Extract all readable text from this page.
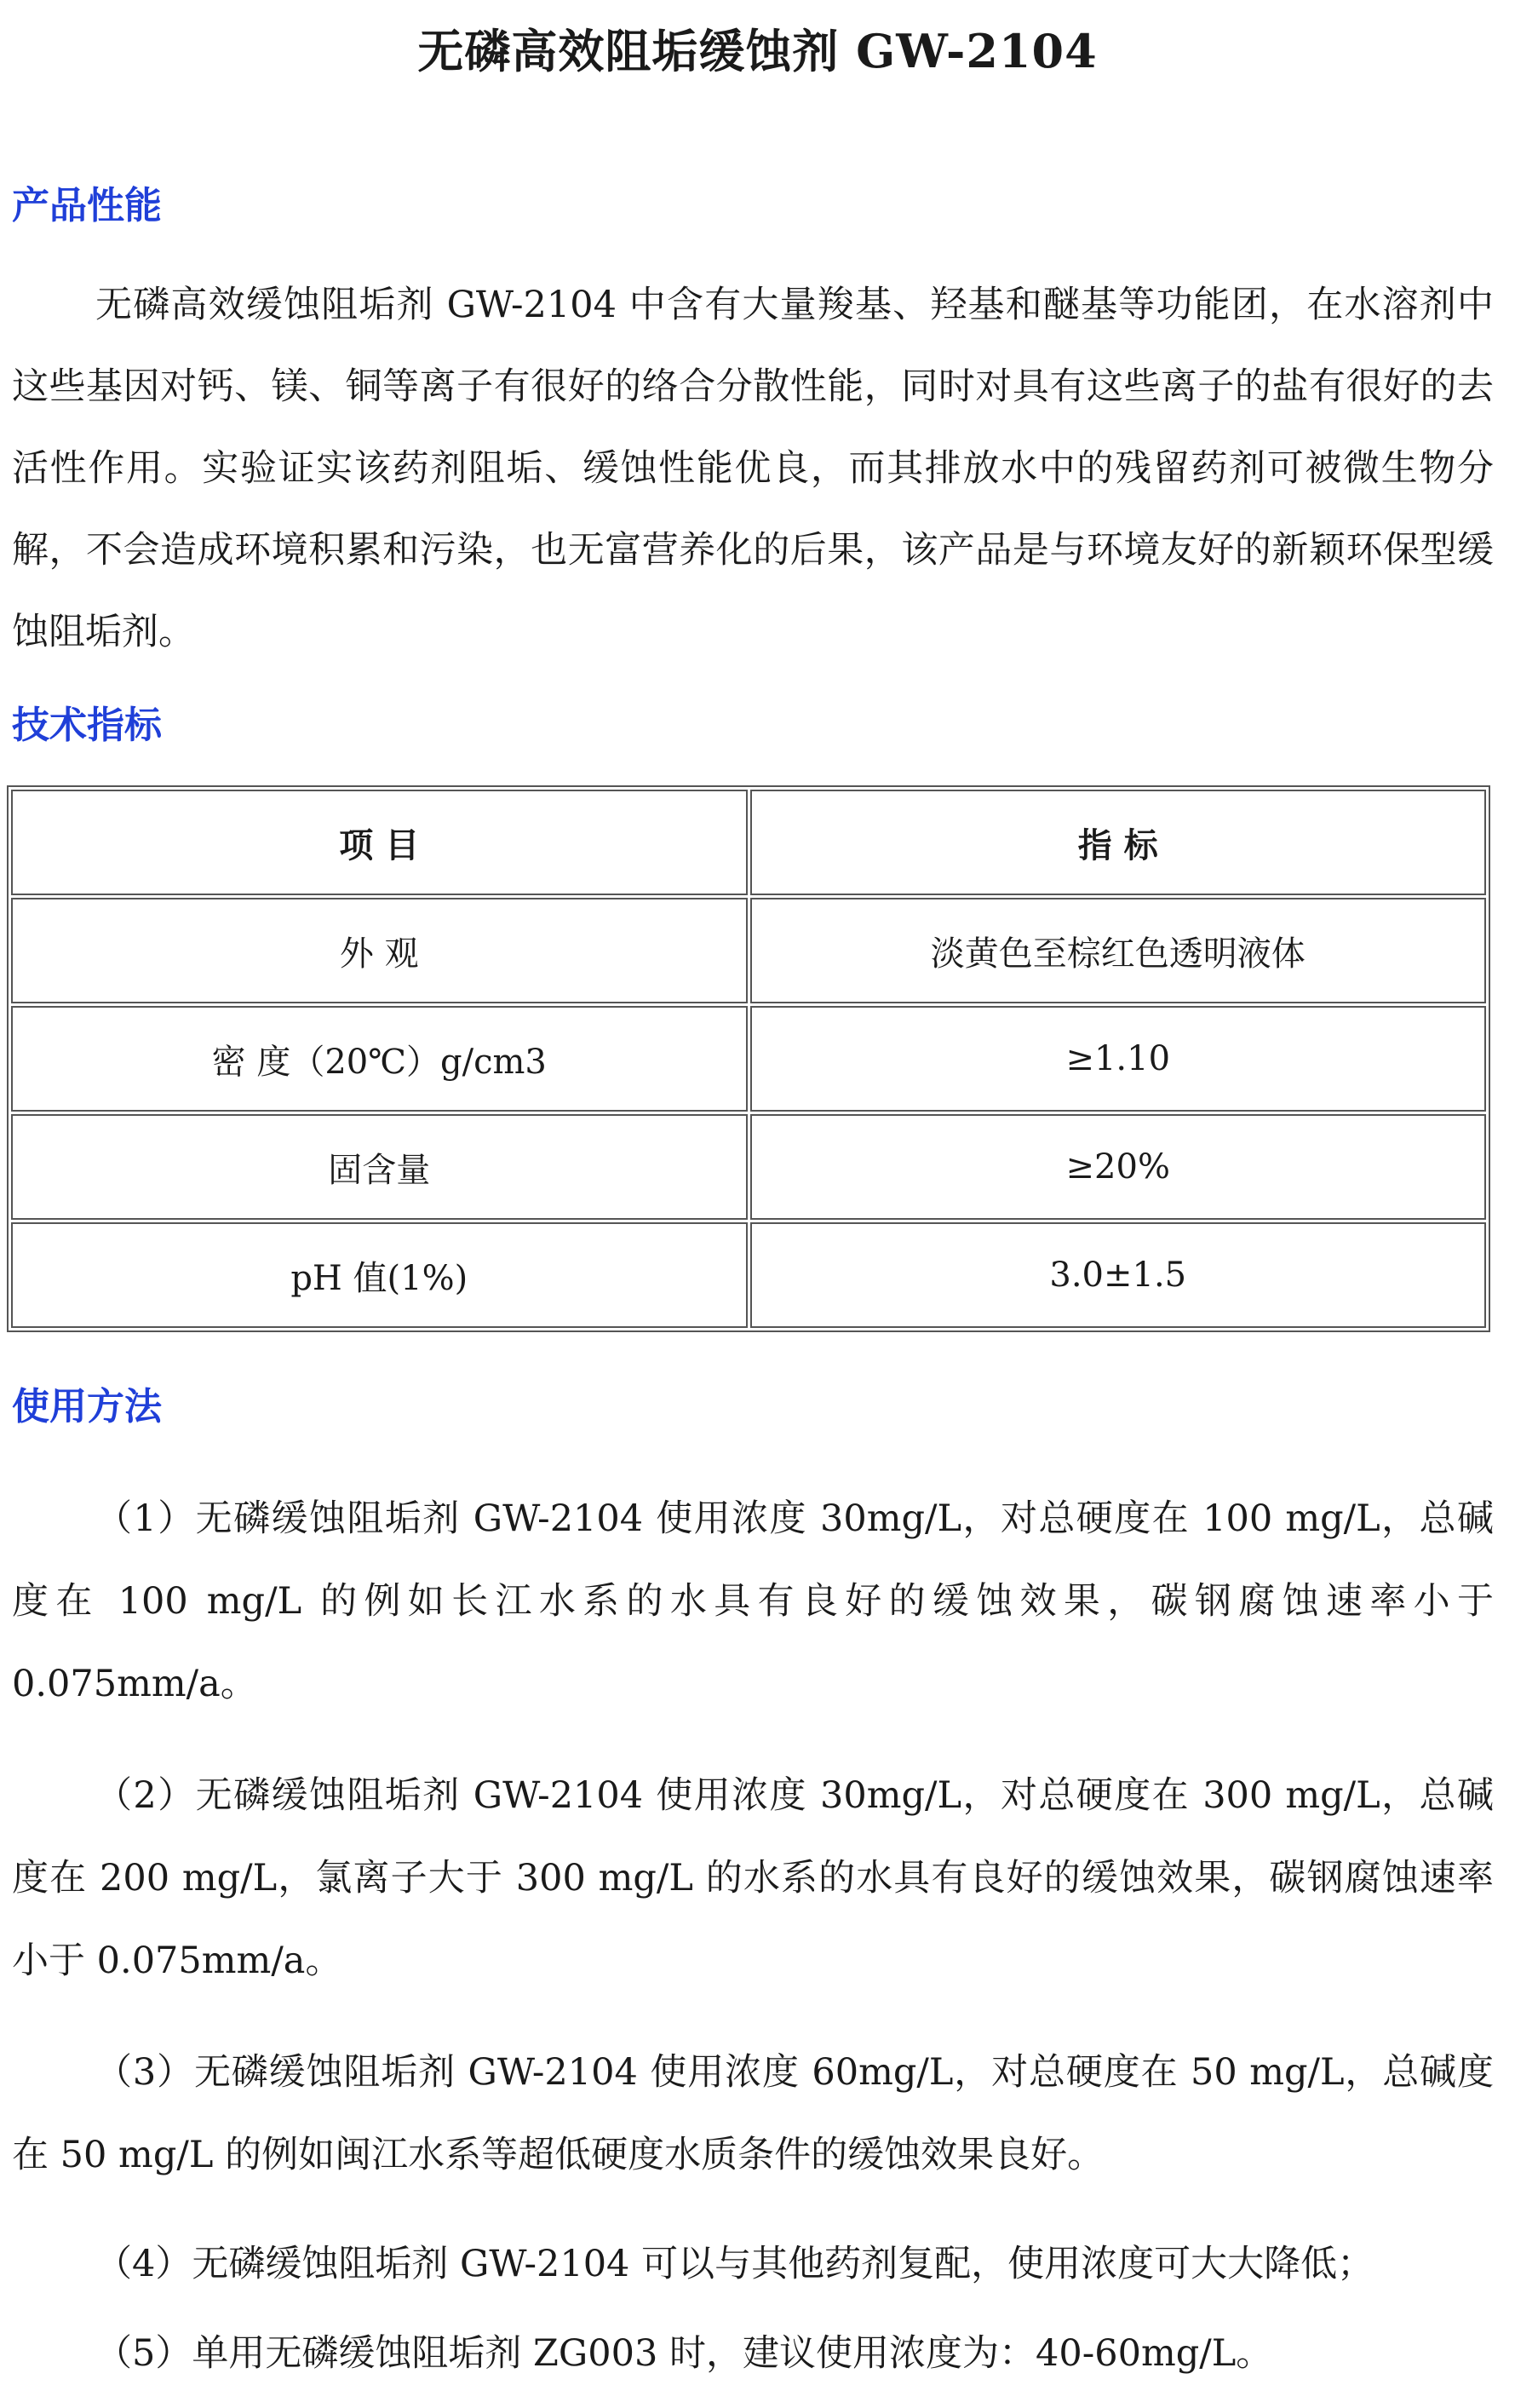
无磷高效阻垢缓蚀剂 GW-2104
产品性能
无磷高效缓蚀阻垢剂 GW-2104 中含有大量羧基、羟基和醚基等功能团，在水溶剂中这些基因对钙、镁、铜等离子有很好的络合分散性能，同时对具有这些离子的盐有很好的去活性作用。实验证实该药剂阻垢、缓蚀性能优良，而其排放水中的残留药剂可被微生物分解，不会造成环境积累和污染，也无富营养化的后果，该产品是与环境友好的新颖环保型缓蚀阻垢剂。
技术指标
项 目	指 标
外 观	淡黄色至棕红色透明液体
密 度（20℃）g/cm3	≥1.10
固含量	≥20%
pH 值(1%)	3.0±1.5
使用方法
（1）无磷缓蚀阻垢剂 GW-2104 使用浓度 30mg/L，对总硬度在 100 mg/L，总碱度在 100 mg/L 的例如长江水系的水具有良好的缓蚀效果，碳钢腐蚀速率小于 0.075mm/a。
（2）无磷缓蚀阻垢剂 GW-2104 使用浓度 30mg/L，对总硬度在 300 mg/L，总碱度在 200 mg/L，氯离子大于 300 mg/L 的水系的水具有良好的缓蚀效果，碳钢腐蚀速率小于 0.075mm/a。
（3）无磷缓蚀阻垢剂 GW-2104 使用浓度 60mg/L，对总硬度在 50 mg/L，总碱度在 50 mg/L 的例如闽江水系等超低硬度水质条件的缓蚀效果良好。
（4）无磷缓蚀阻垢剂 GW-2104 可以与其他药剂复配，使用浓度可大大降低；
（5）单用无磷缓蚀阻垢剂 ZG003 时，建议使用浓度为：40-60mg/L。
